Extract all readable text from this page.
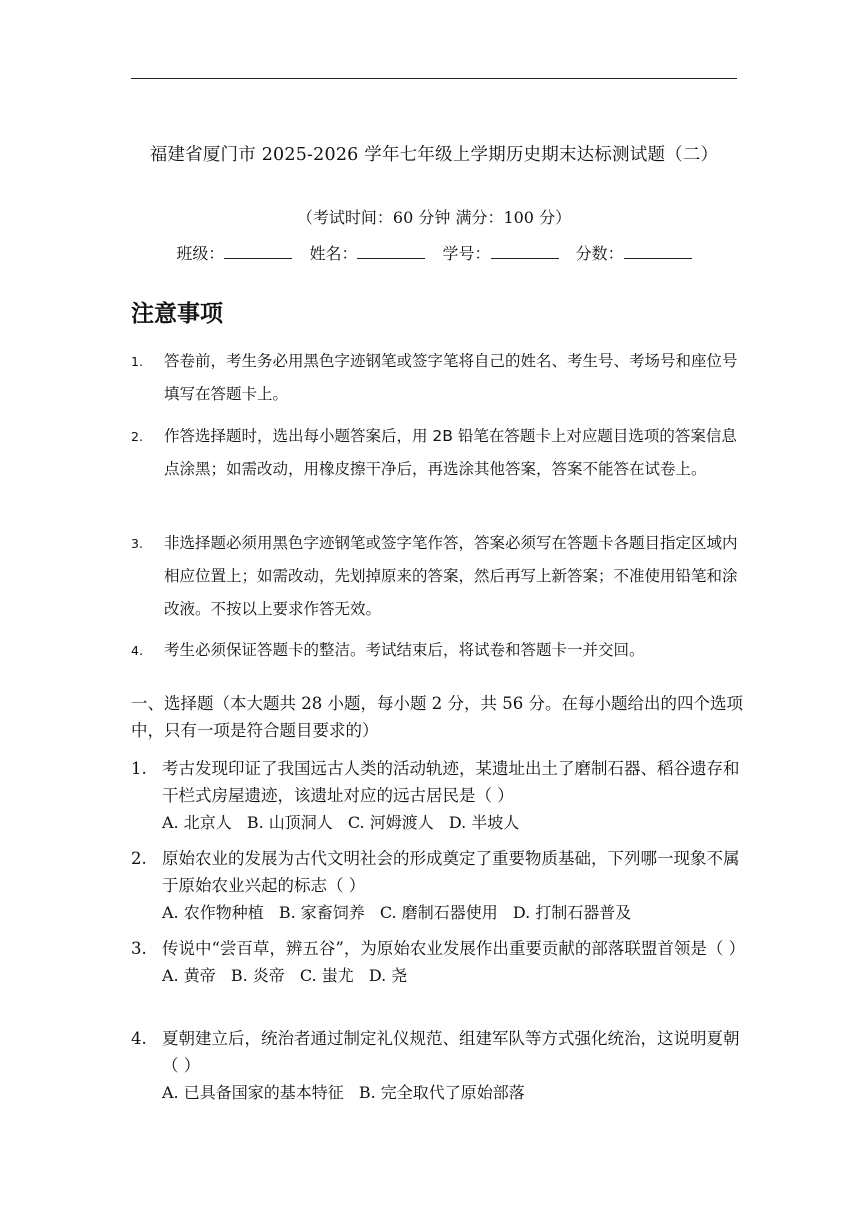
福建省厦门市 2025-2026 学年七年级上学期历史期末达标测试题（二）
（考试时间：60 分钟 满分：100 分）
班级：	姓名：	学号：	分数：
注意事项
1. 答卷前，考生务必用黑色字迹钢笔或签字笔将自己的姓名、考生号、考场号和座位号填写在答题卡上。
2. 作答选择题时，选出每小题答案后，用 2B 铅笔在答题卡上对应题目选项的答案信息点涂黑；如需改动，用橡皮擦干净后，再选涂其他答案，答案不能答在试卷上。
3. 非选择题必须用黑色字迹钢笔或签字笔作答，答案必须写在答题卡各题目指定区域内相应位置上；如需改动，先划掉原来的答案，然后再写上新答案；不准使用铅笔和涂改液。不按以上要求作答无效。
4. 考生必须保证答题卡的整洁。考试结束后，将试卷和答题卡一并交回。
一、选择题（本大题共 28 小题，每小题 2 分，共 56 分。在每小题给出的四个选项中，只有一项是符合题目要求的）
1. 考古发现印证了我国远古人类的活动轨迹，某遗址出土了磨制石器、稻谷遗存和干栏式房屋遗迹，该遗址对应的远古居民是（ ）
A. 北京人 B. 山顶洞人 C. 河姆渡人 D. 半坡人
2. 原始农业的发展为古代文明社会的形成奠定了重要物质基础，下列哪一现象不属于原始农业兴起的标志（ ）
A. 农作物种植 B. 家畜饲养 C. 磨制石器使用 D. 打制石器普及
3. 传说中“尝百草，辨五谷”，为原始农业发展作出重要贡献的部落联盟首领是（ ）
A. 黄帝 B. 炎帝 C. 蚩尤 D. 尧
4. 夏朝建立后，统治者通过制定礼仪规范、组建军队等方式强化统治，这说明夏朝（ ）
A. 已具备国家的基本特征 B. 完全取代了原始部落
